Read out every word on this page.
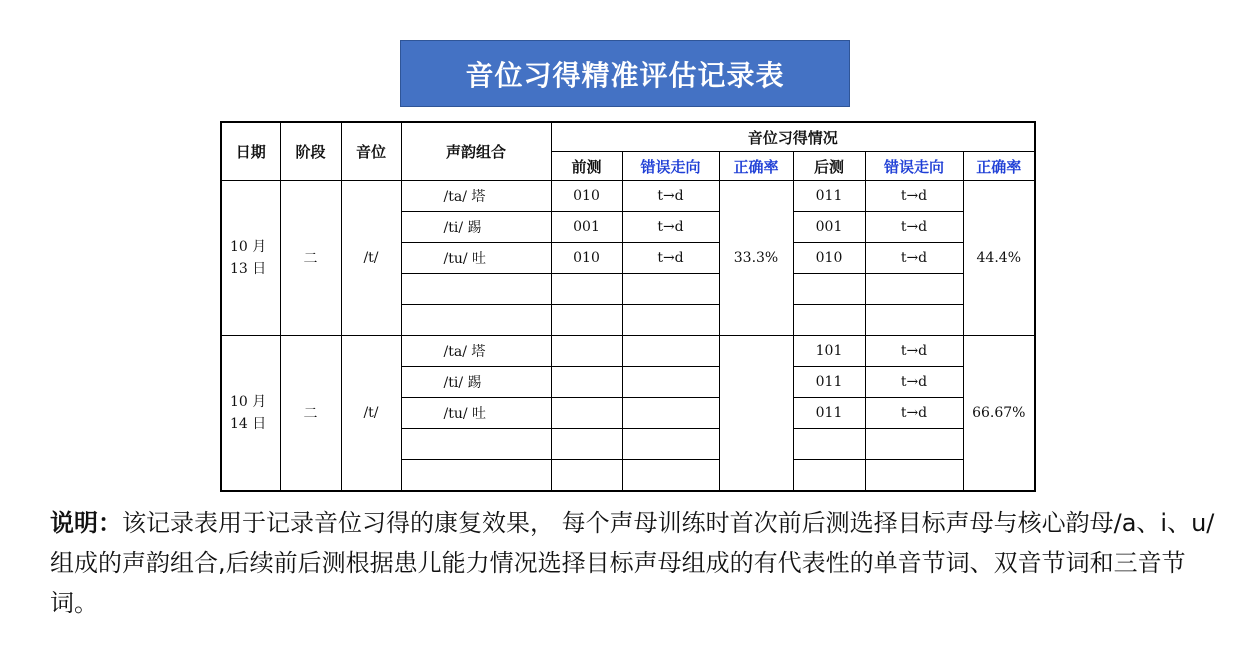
音位习得精准评估记录表
日期	阶段	音位	声韵组合	音位习得情况					
				前测	错误走向	正确率	后测	错误走向	正确率
10 月
13 日	二	/t/	/ta/ 塔	010	t→d	33.3%	011	t→d	44.4%
			/ti/ 踢	001	t→d		001	t→d	
			/tu/ 吐	010	t→d		010	t→d	

10 月
14 日	二	/t/	/ta/ 塔				101	t→d	66.67%
			/ti/ 踢				011	t→d	
			/tu/ 吐				011	t→d	

说明：该记录表用于记录音位习得的康复效果， 每个声母训练时首次前后测选择目标声母与核心韵母/a、i、u/组成的声韵组合,后续前后测根据患儿能力情况选择目标声母组成的有代表性的单音节词、双音节词和三音节词。
